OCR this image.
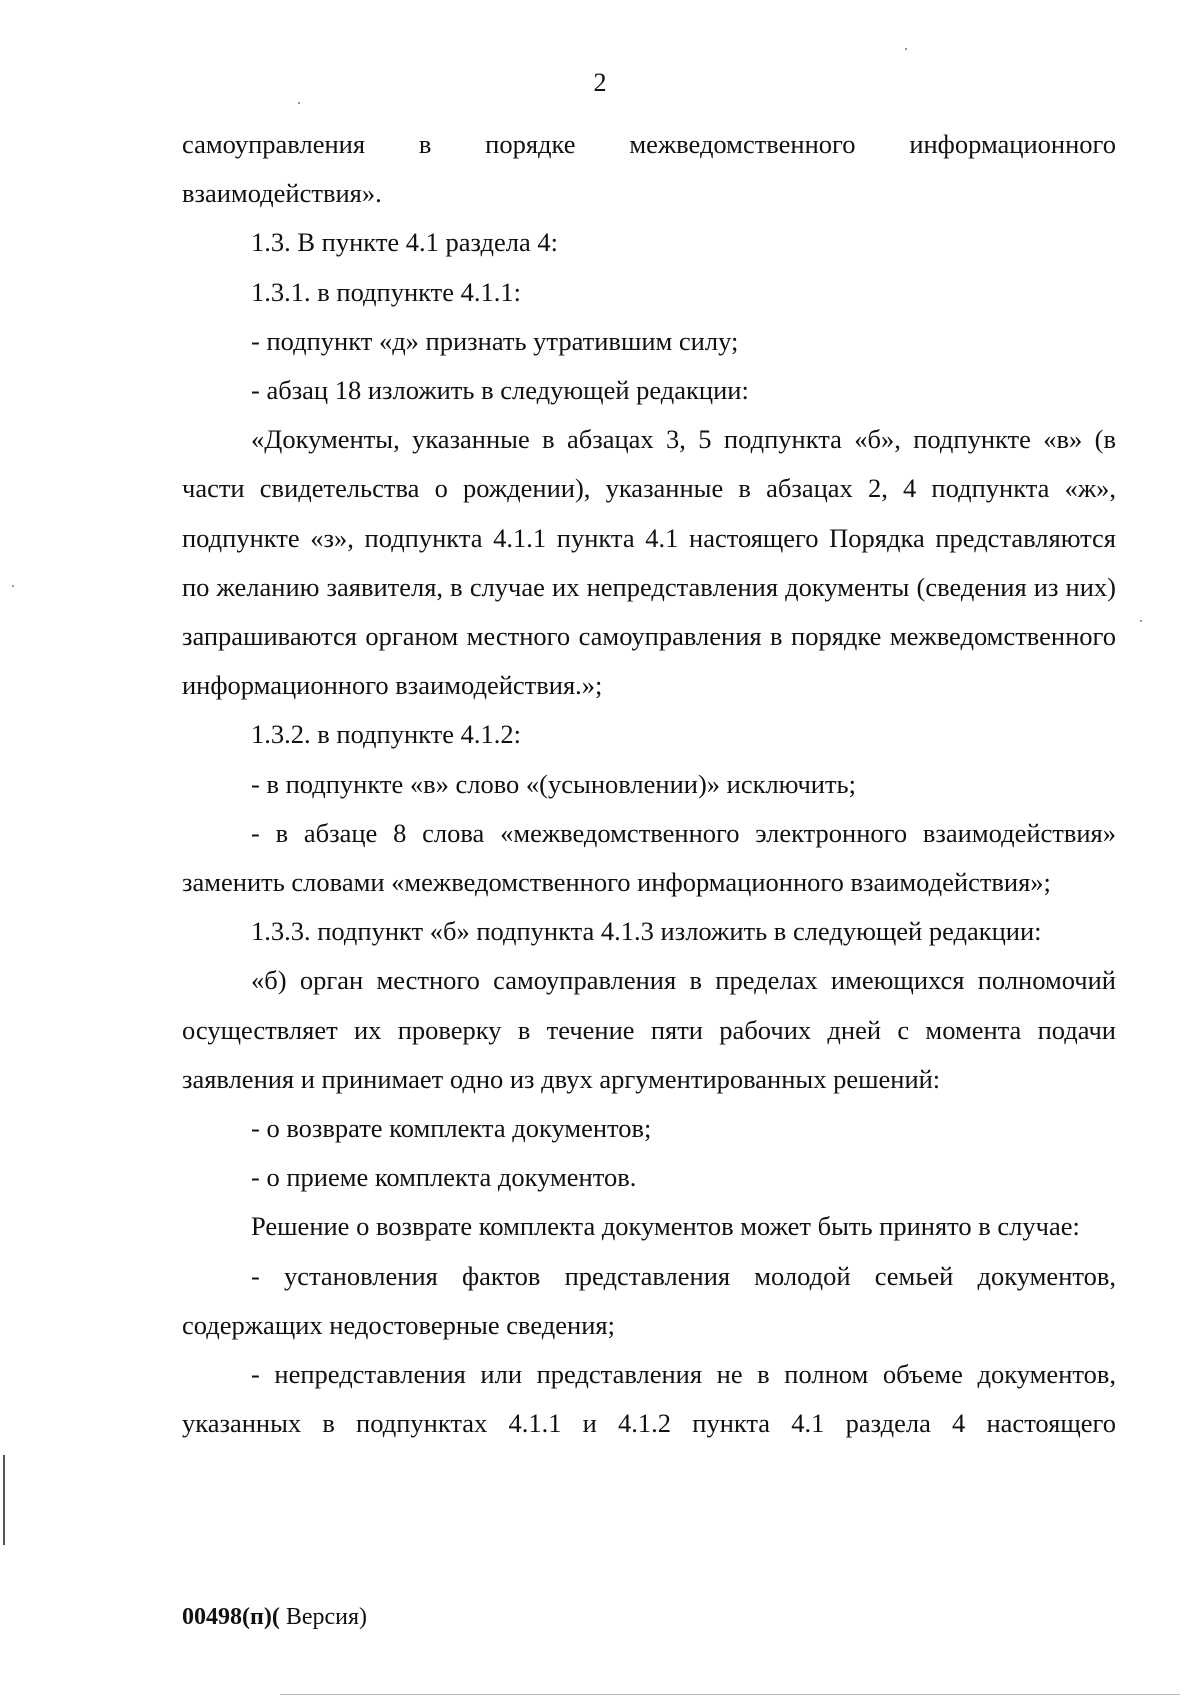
2

самоуправления в порядке межведомственного информационного взаимодействия».

1.3. В пункте 4.1 раздела 4:

1.3.1. в подпункте 4.1.1:

- подпункт «д» признать утратившим силу;

- абзац 18 изложить в следующей редакции:

«Документы, указанные в абзацах 3, 5 подпункта «б», подпункте «в» (в части свидетельства о рождении), указанные в абзацах 2, 4 подпункта «ж», подпункте «з», подпункта 4.1.1 пункта 4.1 настоящего Порядка представляются по желанию заявителя, в случае их непредставления документы (сведения из них) запрашиваются органом местного самоуправления в порядке межведомственного информационного взаимодействия.»;

1.3.2. в подпункте 4.1.2:

- в подпункте «в» слово «(усыновлении)» исключить;

- в абзаце 8 слова «межведомственного электронного взаимодействия» заменить словами «межведомственного информационного взаимодействия»;

1.3.3. подпункт «б» подпункта 4.1.3 изложить в следующей редакции:

«б) орган местного самоуправления в пределах имеющихся полномочий осуществляет их проверку в течение пяти рабочих дней с момента подачи заявления и принимает одно из двух аргументированных решений:

- о возврате комплекта документов;

- о приеме комплекта документов.

Решение о возврате комплекта документов может быть принято в случае:

- установления фактов представления молодой семьей документов, содержащих недостоверные сведения;

- непредставления или представления не в полном объеме документов, указанных в подпунктах 4.1.1 и 4.1.2 пункта 4.1 раздела 4 настоящего

00498(п)( Версия)
